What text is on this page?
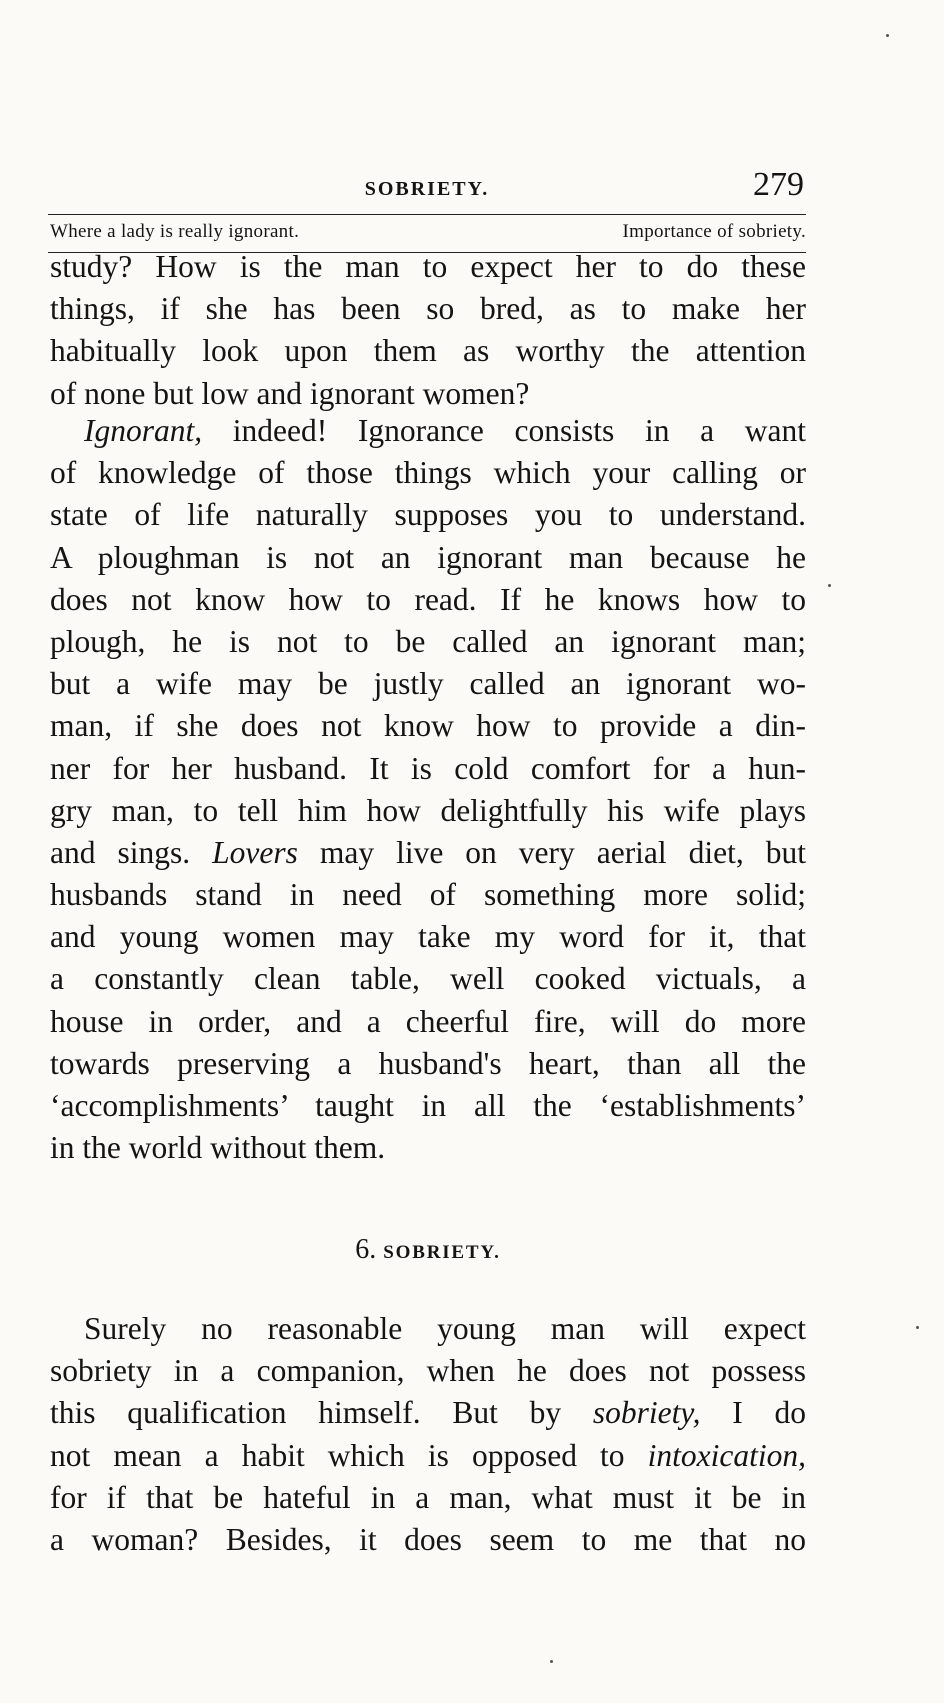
SOBRIETY.	279
Where a lady is really ignorant.	Importance of sobriety.
study? How is the man to expect her to do these
things, if she has been so bred, as to make her
habitually look upon them as worthy the attention
of none but low and ignorant women?
Ignorant, indeed! Ignorance consists in a want
of knowledge of those things which your calling or
state of life naturally supposes you to understand.
A ploughman is not an ignorant man because he
does not know how to read. If he knows how to
plough, he is not to be called an ignorant man;
but a wife may be justly called an ignorant wo-
man, if she does not know how to provide a din-
ner for her husband. It is cold comfort for a hun-
gry man, to tell him how delightfully his wife plays
and sings. Lovers may live on very aerial diet, but
husbands stand in need of something more solid;
and young women may take my word for it, that
a constantly clean table, well cooked victuals, a
house in order, and a cheerful fire, will do more
towards preserving a husband's heart, than all the
‘accomplishments’ taught in all the ‘establishments’
in the world without them.
6. SOBRIETY.
Surely no reasonable young man will expect
sobriety in a companion, when he does not possess
this qualification himself. But by sobriety, I do
not mean a habit which is opposed to intoxication,
for if that be hateful in a man, what must it be in
a woman? Besides, it does seem to me that no
